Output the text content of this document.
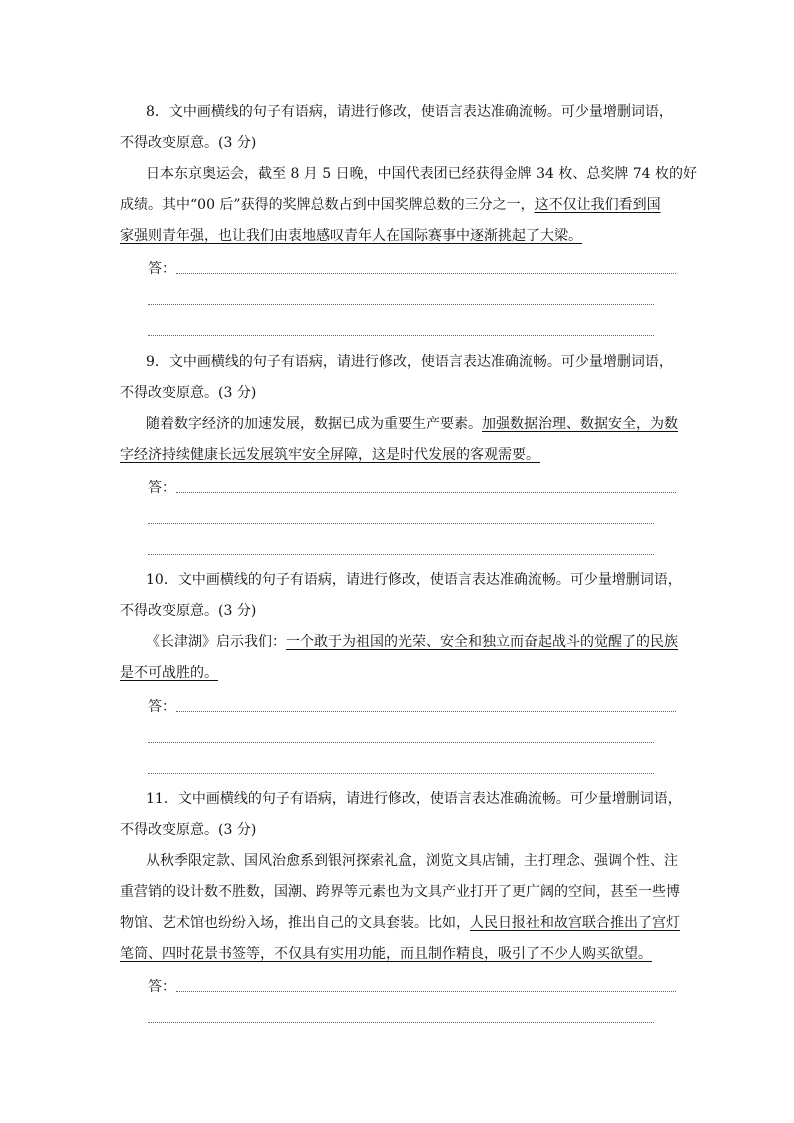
8．文中画横线的句子有语病，请进行修改，使语言表达准确流畅。可少量增删词语，
不得改变原意。(3 分)
日本东京奥运会，截至 8 月 5 日晚，中国代表团已经获得金牌 34 枚、总奖牌 74 枚的好
成绩。其中“00 后”获得的奖牌总数占到中国奖牌总数的三分之一，这不仅让我们看到国
家强则青年强，也让我们由衷地感叹青年人在国际赛事中逐渐挑起了大梁。
答：
9．文中画横线的句子有语病，请进行修改，使语言表达准确流畅。可少量增删词语，
不得改变原意。(3 分)
随着数字经济的加速发展，数据已成为重要生产要素。加强数据治理、数据安全，为数
字经济持续健康长远发展筑牢安全屏障，这是时代发展的客观需要。
答：
10．文中画横线的句子有语病，请进行修改，使语言表达准确流畅。可少量增删词语，
不得改变原意。(3 分)
《长津湖》启示我们：一个敢于为祖国的光荣、安全和独立而奋起战斗的觉醒了的民族
是不可战胜的。
答：
11．文中画横线的句子有语病，请进行修改，使语言表达准确流畅。可少量增删词语，
不得改变原意。(3 分)
从秋季限定款、国风治愈系到银河探索礼盒，浏览文具店铺，主打理念、强调个性、注
重营销的设计数不胜数，国潮、跨界等元素也为文具产业打开了更广阔的空间，甚至一些博
物馆、艺术馆也纷纷入场，推出自己的文具套装。比如，人民日报社和故宫联合推出了宫灯
笔筒、四时花景书签等，不仅具有实用功能，而且制作精良，吸引了不少人购买欲望。
答：
